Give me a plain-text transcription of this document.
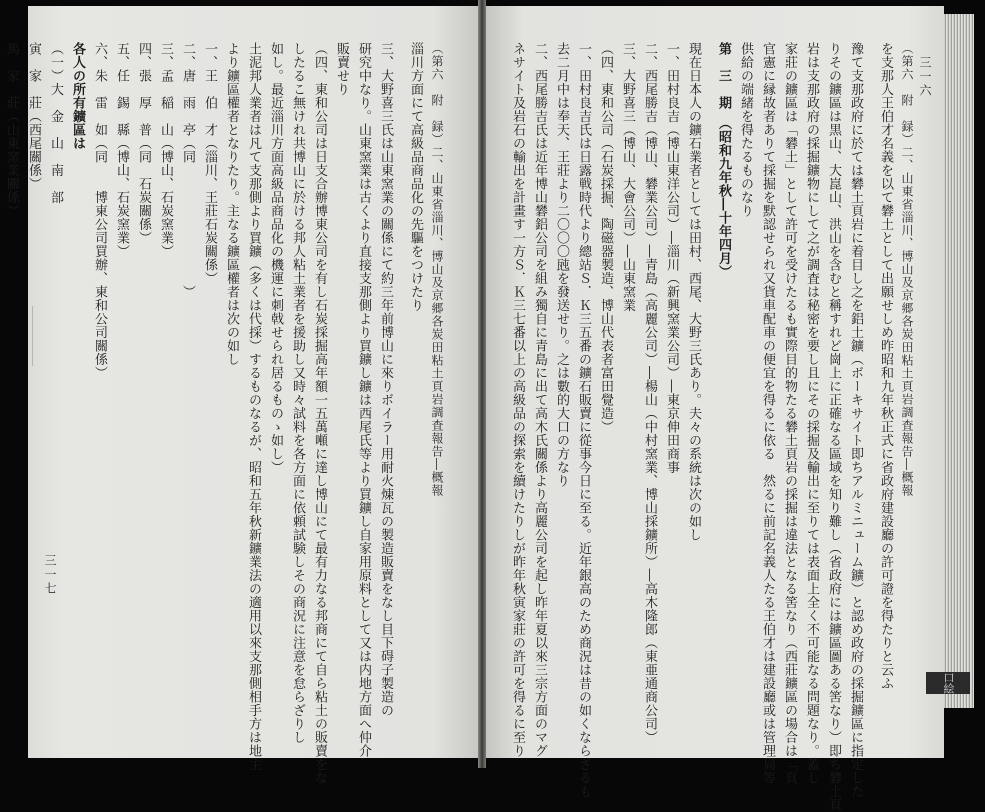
三一六
（第六　附　録）二、山東省淄川、博山及京郷各炭田粘土頁岩調査報告―概報
を支那人王伯才名義を以て礬土として出願せしめ昨昭和九年秋正式に省政府建設廳の許可證を得たりと云ふ
豫て支那政府に於ては礬土頁岩に着目し之を鋁土鑛（ボーキサイト即ちアルミニューム鑛）と認め政府の採掘鑛區に指定した
りその鑛區は黒山、大崑山、洪山を含むと稱すれど崗上に正確なる區域を知り難し（省政府には鑛區圖ある筈なり）即ち礬土頁
岩は支那政府の採掘鑛物にして之が調査は秘密を要し且にその採掘及輸出に至りては表面上全く不可能なる問題なり。蓋し
家莊の鑛區は「礬土」として許可を受けたるも實際目的物たる礬土頁岩の採掘は違法となる筈なり（西莊鑛區の場合は「頁
官憲に縁故者ありて採掘を默認せられ又貨車配車の便宜を得るに依る　然るに前記名義人たる王伯才は建設廳或は管理局等
供給の端緒を得たるものなり
第　三　期　（昭和九年秋―十年四月）
現在日本人の鑛石業者としては田村、西尾、大野三氏あり。夫々の系統は次の如し
一、田村良吉（博山東洋公司）―淄川（新興窯業公司）―東京伸田商事
二、西尾勝吉（博山、礬業公司）―青島（高麗公司）―楊山（中村窯業、博山採鑛所）―高木隆郎（東亜通商公司）
三、大野喜三（博山、大會公司）―山東窯業
（四、東和公司（石炭採掘、陶磁器製造、博山代表者富田覺造）
一、田村良吉氏は日露戦時代より總站Ｓ．Ｋ三五番の鑛石販賣に從事今日に至る。近年銀高のため商況は昔の如くならざるも
去二月中は奉天、王莊より二〇〇〇瓲を發送せり。之は數的大口の方なり
二、西尾勝吉氏は近年博山礬鋁公司を組み獨自に青島に出て高木氏關係より高麗公司を起し昨年夏以來三宗方面のマグ
ネサイト及岩石の輸出を計畫す一方Ｓ．Ｋ三七番以上の高級品の探索を續けたりしが昨年秋寅家莊の許可を得るに至り
三一七
（第六　附　録）二、山東省淄川、博山及京郷各炭田粘土頁岩調査報告―概報
淄川方面にて高級品商品化の先驅をつけたり
三、大野喜三氏は山東窯業の關係にて約三年前博山に來りボイラー用耐火煉瓦の製造販賣をなし目下碍子製造の
研究中なり。山東窯業は古くより直接支那側より買鑛し鑛は西尾氏等より買鑛し自家用原料として又は内地方面へ仲介
販賣せり
（四、東和公司は日支合辦博東公司を有し石炭採掘高年額一五萬噸に達し博山にて最有力なる邦商にて自ら粘土の販賣をな
したるこ無けれ共博山に於ける邦人粘土業者を援助し又時々試料を各方面に依頼試験しその商況に注意を怠らざりし
如し。最近淄川方面高級品商品化の機運に刺戟せられ居るものゝ如し）
土泥邦人業者は凡て支那側より買鑛（多くは代採）するものなるが、昭和五年秋新鑛業法の適用以來支那側相手方は地主
より鑛區權者となりたり。主なる鑛區權者は次の如し
一、王　伯　才（淄川、王莊石炭關係）
二、唐　雨　亭（同　　　　　　　　　）
三、孟　稲　山（博山、石炭窯業）
四、張　厚　普（同　石炭關係）
五、任　錫　縣（博山、石炭窯業）
六、朱　雷　如（同　　博東公司買辦、東和公司關係）
各人の所有鑛區は
（一）大　金　山　南　部
寅　家　莊（西尾關係）
馬　家　莊（山東窯業關係）
口絵
